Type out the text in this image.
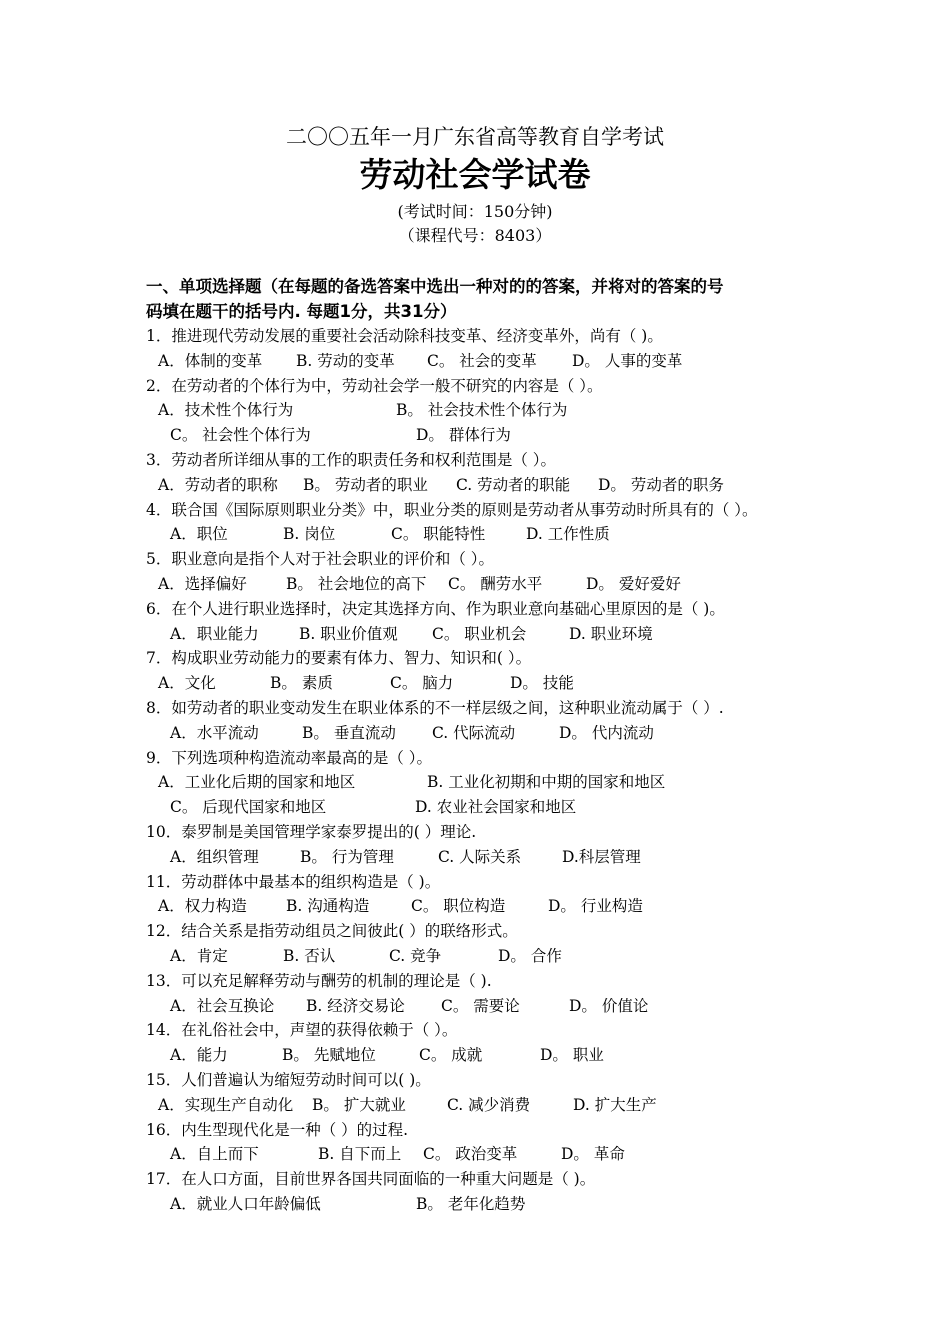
二〇〇五年一月广东省高等教育自学考试
劳动社会学试卷
(考试时间：150分钟)
（课程代号：8403）
一、单项选择题（在每题的备选答案中选出一种对的的答案，并将对的答案的号
码填在题干的括号内. 每题1分，共31分）
1．推进现代劳动发展的重要社会活动除科技变革、经济变革外，尚有（ )。
A．体制的变革 B. 劳动的变革 C。 社会的变革 D。 人事的变革
2．在劳动者的个体行为中，劳动社会学一般不研究的内容是（ ）。
A．技术性个体行为	B。 社会技术性个体行为
C。 社会性个体行为	D。 群体行为
3．劳动者所详细从事的工作的职责任务和权利范围是（ ）。
A．劳动者的职称 B。 劳动者的职业 C. 劳动者的职能 D。 劳动者的职务
4．联合国《国际原则职业分类》中，职业分类的原则是劳动者从事劳动时所具有的（ ）。
A．职位	B. 岗位	C。 职能特性	D. 工作性质
5．职业意向是指个人对于社会职业的评价和（ ）。
A．选择偏好	B。 社会地位的高下 C。 酬劳水平	D。 爱好爱好
6．在个人进行职业选择时，决定其选择方向、作为职业意向基础心里原因的是（ )。
A．职业能力	B. 职业价值观 C。 职业机会	D. 职业环境
7．构成职业劳动能力的要素有体力、智力、知识和( ）。
A．文化	B。 素质	C。 脑力	D。 技能
8．如劳动者的职业变动发生在职业体系的不一样层级之间，这种职业流动属于（ ）.
A．水平流动	B。 垂直流动 C. 代际流动	D。 代内流动
9．下列选项种构造流动率最高的是（ ）。
A．工业化后期的国家和地区	B. 工业化初期和中期的国家和地区
C。 后现代国家和地区	D. 农业社会国家和地区
10．泰罗制是美国管理学家泰罗提出的( ）理论.
A．组织管理	B。 行为管理	C. 人际关系	D.科层管理
11．劳动群体中最基本的组织构造是（ )。
A．权力构造	B. 沟通构造	C。 职位构造	D。 行业构造
12．结合关系是指劳动组员之间彼此( ）的联络形式。
A．肯定	B. 否认	C. 竞争	D。 合作
13．可以充足解释劳动与酬劳的机制的理论是（ ).
A．社会互换论 B. 经济交易论 C。 需要论	D。 价值论
14．在礼俗社会中，声望的获得依赖于（ ）。
A．能力	B。 先赋地位	C。 成就	D。 职业
15．人们普遍认为缩短劳动时间可以( )。
A．实现生产自动化 B。 扩大就业	C. 减少消费	D. 扩大生产
16．内生型现代化是一种（ ）的过程.
A．自上而下	B. 自下而上 C。 政治变革	D。 革命
17．在人口方面，目前世界各国共同面临的一种重大问题是（ )。
A．就业人口年龄偏低	B。 老年化趋势
